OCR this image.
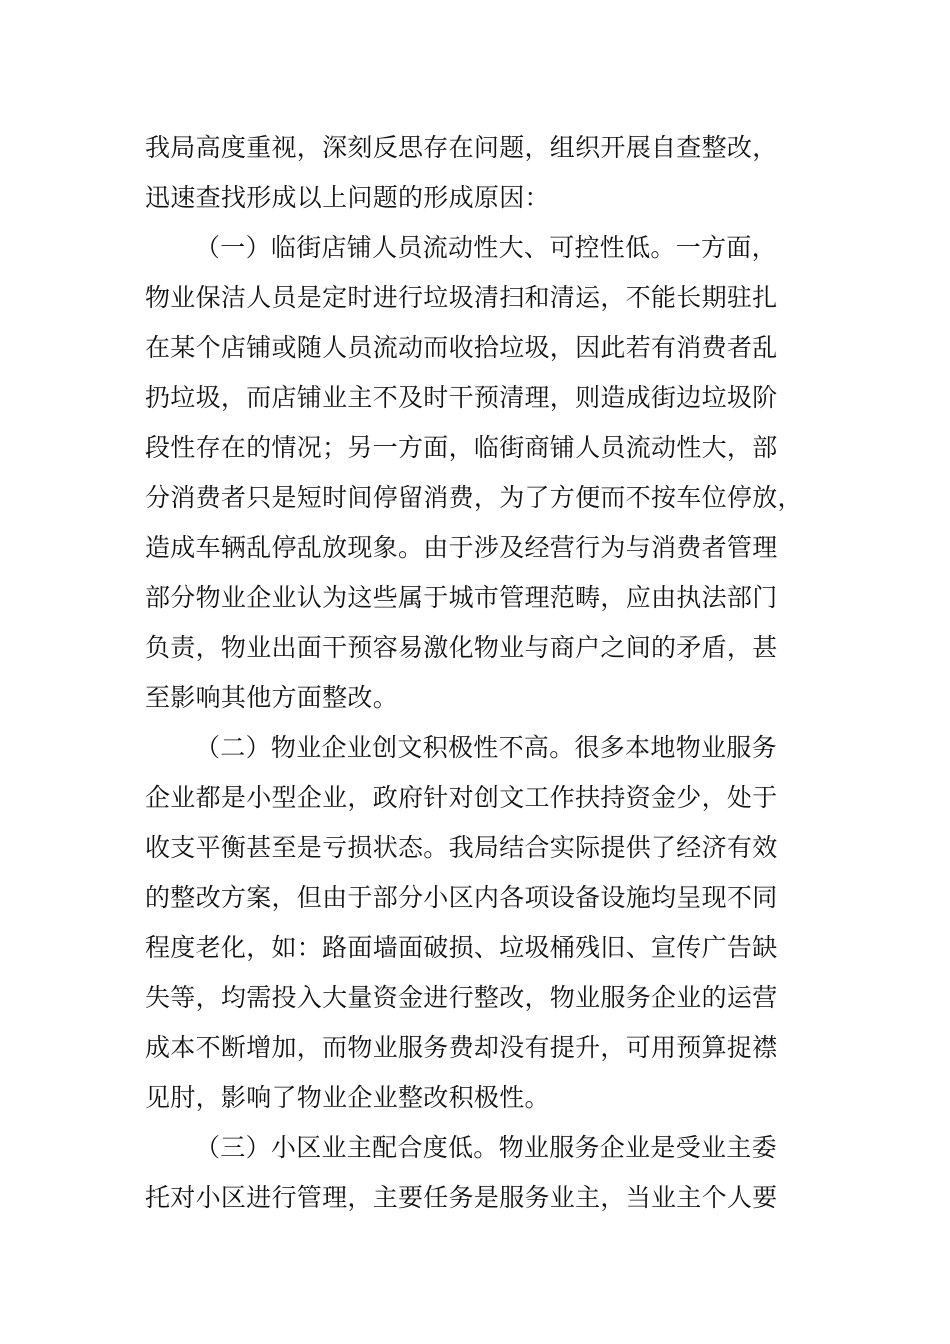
我局高度重视，深刻反思存在问题，组织开展自查整改，
迅速查找形成以上问题的形成原因：
（一）临街店铺人员流动性大、可控性低。一方面，
物业保洁人员是定时进行垃圾清扫和清运，不能长期驻扎
在某个店铺或随人员流动而收拾垃圾，因此若有消费者乱
扔垃圾，而店铺业主不及时干预清理，则造成街边垃圾阶
段性存在的情况；另一方面，临街商铺人员流动性大，部
分消费者只是短时间停留消费，为了方便而不按车位停放，
造成车辆乱停乱放现象。由于涉及经营行为与消费者管理
部分物业企业认为这些属于城市管理范畴，应由执法部门
负责，物业出面干预容易激化物业与商户之间的矛盾，甚
至影响其他方面整改。
（二）物业企业创文积极性不高。很多本地物业服务
企业都是小型企业，政府针对创文工作扶持资金少，处于
收支平衡甚至是亏损状态。我局结合实际提供了经济有效
的整改方案，但由于部分小区内各项设备设施均呈现不同
程度老化，如：路面墙面破损、垃圾桶残旧、宣传广告缺
失等，均需投入大量资金进行整改，物业服务企业的运营
成本不断增加，而物业服务费却没有提升，可用预算捉襟
见肘，影响了物业企业整改积极性。
（三）小区业主配合度低。物业服务企业是受业主委
托对小区进行管理，主要任务是服务业主，当业主个人要
